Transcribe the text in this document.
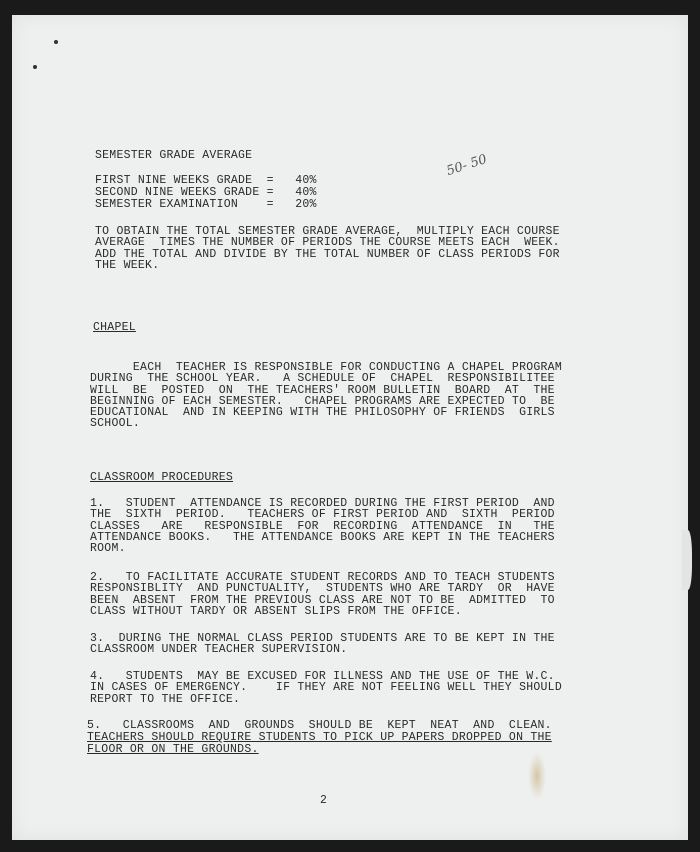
SEMESTER GRADE AVERAGE
FIRST NINE WEEKS GRADE  =   40%
SECOND NINE WEEKS GRADE =   40%
SEMESTER EXAMINATION    =   20%
50- 50
TO OBTAIN THE TOTAL SEMESTER GRADE AVERAGE,  MULTIPLY EACH COURSE
AVERAGE  TIMES THE NUMBER OF PERIODS THE COURSE MEETS EACH  WEEK.
ADD THE TOTAL AND DIVIDE BY THE TOTAL NUMBER OF CLASS PERIODS FOR
THE WEEK.
CHAPEL
EACH  TEACHER IS RESPONSIBLE FOR CONDUCTING A CHAPEL PROGRAM
DURING  THE SCHOOL YEAR.   A SCHEDULE OF  CHAPEL  RESPONSIBILITEE
WILL  BE  POSTED  ON  THE TEACHERS' ROOM BULLETIN  BOARD  AT  THE
BEGINNING OF EACH SEMESTER.   CHAPEL PROGRAMS ARE EXPECTED TO  BE
EDUCATIONAL  AND IN KEEPING WITH THE PHILOSOPHY OF FRIENDS  GIRLS
SCHOOL.
CLASSROOM PROCEDURES
1.   STUDENT  ATTENDANCE IS RECORDED DURING THE FIRST PERIOD  AND
THE  SIXTH  PERIOD.   TEACHERS OF FIRST PERIOD AND  SIXTH  PERIOD
CLASSES   ARE   RESPONSIBLE  FOR  RECORDING  ATTENDANCE  IN   THE
ATTENDANCE BOOKS.   THE ATTENDANCE BOOKS ARE KEPT IN THE TEACHERS
ROOM.
2.   TO FACILITATE ACCURATE STUDENT RECORDS AND TO TEACH STUDENTS
RESPONSIBLITY  AND PUNCTUALITY,  STUDENTS WHO ARE TARDY  OR  HAVE
BEEN  ABSENT  FROM THE PREVIOUS CLASS ARE NOT TO BE  ADMITTED  TO
CLASS WITHOUT TARDY OR ABSENT SLIPS FROM THE OFFICE.
3.  DURING THE NORMAL CLASS PERIOD STUDENTS ARE TO BE KEPT IN THE
CLASSROOM UNDER TEACHER SUPERVISION.
4.   STUDENTS  MAY BE EXCUSED FOR ILLNESS AND THE USE OF THE W.C.
IN CASES OF EMERGENCY.    IF THEY ARE NOT FEELING WELL THEY SHOULD
REPORT TO THE OFFICE.
5.   CLASSROOMS  AND  GROUNDS  SHOULD BE  KEPT  NEAT  AND  CLEAN.
TEACHERS SHOULD REQUIRE STUDENTS TO PICK UP PAPERS DROPPED ON THE
FLOOR OR ON THE GROUNDS.
2
